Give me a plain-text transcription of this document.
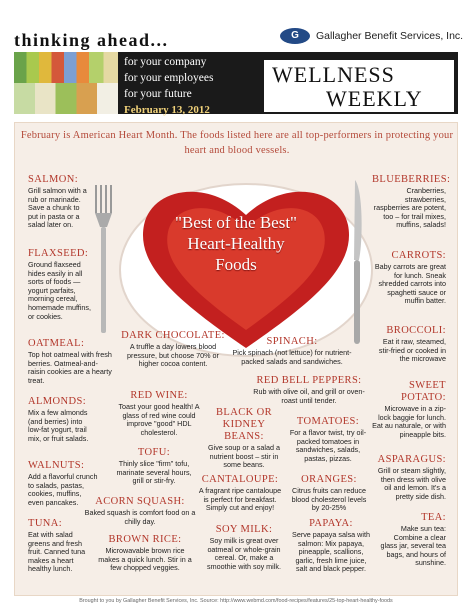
thinking ahead...	G	Gallagher Benefit Services, Inc.
for your company
for your employees
for your future
February 13, 2012
WELLNESS
WEEKLY
February is American Heart Month. The foods listed here are all top-performers in protecting your heart and blood vessels.
"Best of the Best"
Heart-Healthy
Foods
SALMON:
Grill salmon with a rub or marinade. Save a chunk to put in pasta or a salad later on.
FLAXSEED:
Ground flaxseed hides easily in all sorts of foods — yogurt parfaits, morning cereal, homemade muffins, or cookies.
OATMEAL:
Top hot oatmeal with fresh berries. Oatmeal-and-raisin cookies are a hearty treat.
ALMONDS:
Mix a few almonds (and berries) into low-fat yogurt, trail mix, or fruit salads.
WALNUTS:
Add a flavorful crunch to salads, pastas, cookies, muffins, even pancakes.
TUNA:
Eat with salad greens and fresh fruit. Canned tuna makes a heart healthy lunch.
BLUEBERRIES:
Cranberries, strawberries, raspberries are potent, too – for trail mixes, muffins, salads!
CARROTS:
Baby carrots are great for lunch. Sneak shredded carrots into spaghetti sauce or muffin batter.
BROCCOLI:
Eat it raw, steamed, stir-fried or cooked in the microwave
SWEET POTATO:
Microwave in a zip-lock baggie for lunch. Eat au naturale, or with pineapple bits.
ASPARAGUS:
Grill or steam slightly, then dress with olive oil and lemon. It's a pretty side dish.
TEA:
Make sun tea: Combine a clear glass jar, several tea bags, and hours of sunshine.
DARK CHOCOLATE:
A truffle a day lowers blood pressure, but choose 70% or higher cocoa content.
SPINACH:
Pick spinach (not lettuce) for nutrient-packed salads and sandwiches.
RED BELL PEPPERS:
Rub with olive oil, and grill or oven-roast until tender.
RED WINE:
Toast your good health! A glass of red wine could improve "good" HDL cholesterol.
BLACK OR KIDNEY BEANS:
Give soup or a salad a nutrient boost – stir in some beans.
TOMATOES:
For a flavor twist, try oil-packed tomatoes in sandwiches, salads, pastas, pizzas.
TOFU:
Thinly slice "firm" tofu, marinate several hours, grill or stir-fry.	CANTALOUPE:
A fragrant ripe cantaloupe is perfect for breakfast. Simply cut and enjoy!
ORANGES:
Citrus fruits can reduce blood cholesterol levels by 20-25%
ACORN SQUASH:
Baked squash is comfort food on a chilly day.
BROWN RICE:
Microwavable brown rice makes a quick lunch. Stir in a few chopped veggies.
SOY MILK:
Soy milk is great over oatmeal or whole-grain cereal. Or, make a smoothie with soy milk.
PAPAYA:
Serve papaya salsa with salmon: Mix papaya, pineapple, scallions, garlic, fresh lime juice, salt and black pepper.
Brought to you by Gallagher Benefit Services, Inc. Source: http://www.webmd.com/food-recipes/features/25-top-heart-healthy-foods
